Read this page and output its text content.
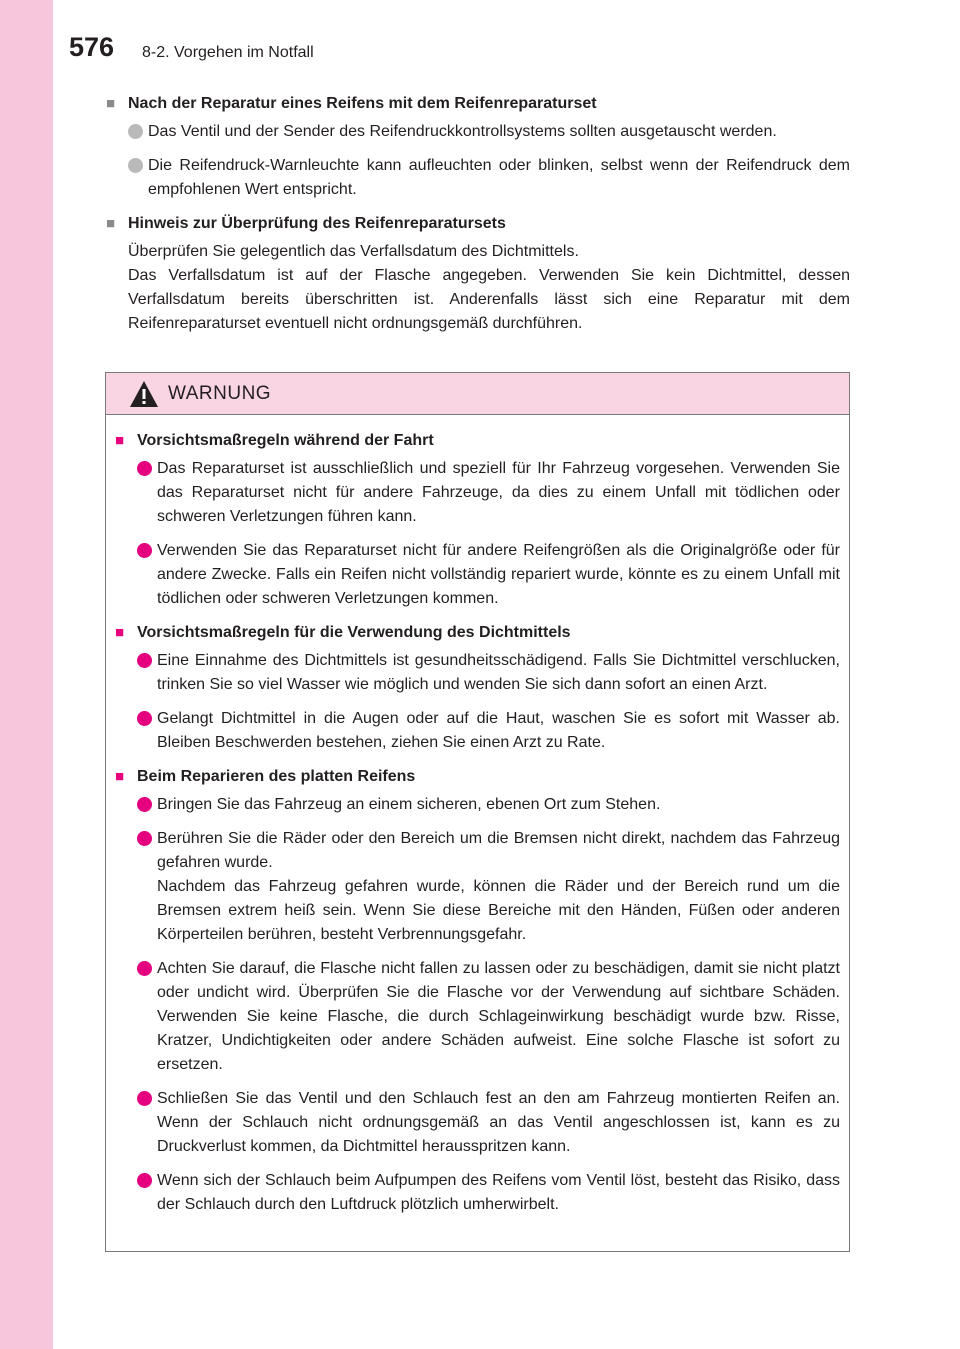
576 8-2. Vorgehen im Notfall
■ Nach der Reparatur eines Reifens mit dem Reifenreparaturset
Das Ventil und der Sender des Reifendruckkontrollsystems sollten ausgetauscht werden.
Die Reifendruck-Warnleuchte kann aufleuchten oder blinken, selbst wenn der Reifendruck dem empfohlenen Wert entspricht.
■ Hinweis zur Überprüfung des Reifenreparatursets
Überprüfen Sie gelegentlich das Verfallsdatum des Dichtmittels.
Das Verfallsdatum ist auf der Flasche angegeben. Verwenden Sie kein Dichtmittel, dessen Verfallsdatum bereits überschritten ist. Anderenfalls lässt sich eine Reparatur mit dem Reifenreparaturset eventuell nicht ordnungsgemäß durchführen.
WARNUNG
■ Vorsichtsmaßregeln während der Fahrt
Das Reparaturset ist ausschließlich und speziell für Ihr Fahrzeug vorgesehen. Verwenden Sie das Reparaturset nicht für andere Fahrzeuge, da dies zu einem Unfall mit tödlichen oder schweren Verletzungen führen kann.
Verwenden Sie das Reparaturset nicht für andere Reifengrößen als die Originalgröße oder für andere Zwecke. Falls ein Reifen nicht vollständig repariert wurde, könnte es zu einem Unfall mit tödlichen oder schweren Verletzungen kommen.
■ Vorsichtsmaßregeln für die Verwendung des Dichtmittels
Eine Einnahme des Dichtmittels ist gesundheitsschädigend. Falls Sie Dichtmittel verschlucken, trinken Sie so viel Wasser wie möglich und wenden Sie sich dann sofort an einen Arzt.
Gelangt Dichtmittel in die Augen oder auf die Haut, waschen Sie es sofort mit Wasser ab. Bleiben Beschwerden bestehen, ziehen Sie einen Arzt zu Rate.
■ Beim Reparieren des platten Reifens
Bringen Sie das Fahrzeug an einem sicheren, ebenen Ort zum Stehen.
Berühren Sie die Räder oder den Bereich um die Bremsen nicht direkt, nachdem das Fahrzeug gefahren wurde.
Nachdem das Fahrzeug gefahren wurde, können die Räder und der Bereich rund um die Bremsen extrem heiß sein. Wenn Sie diese Bereiche mit den Händen, Füßen oder anderen Körperteilen berühren, besteht Verbrennungsgefahr.
Achten Sie darauf, die Flasche nicht fallen zu lassen oder zu beschädigen, damit sie nicht platzt oder undicht wird. Überprüfen Sie die Flasche vor der Verwendung auf sichtbare Schäden. Verwenden Sie keine Flasche, die durch Schlageinwirkung beschädigt wurde bzw. Risse, Kratzer, Undichtigkeiten oder andere Schäden aufweist. Eine solche Flasche ist sofort zu ersetzen.
Schließen Sie das Ventil und den Schlauch fest an den am Fahrzeug montierten Reifen an. Wenn der Schlauch nicht ordnungsgemäß an das Ventil angeschlossen ist, kann es zu Druckverlust kommen, da Dichtmittel herausspritzen kann.
Wenn sich der Schlauch beim Aufpumpen des Reifens vom Ventil löst, besteht das Risiko, dass der Schlauch durch den Luftdruck plötzlich umherwirbelt.
